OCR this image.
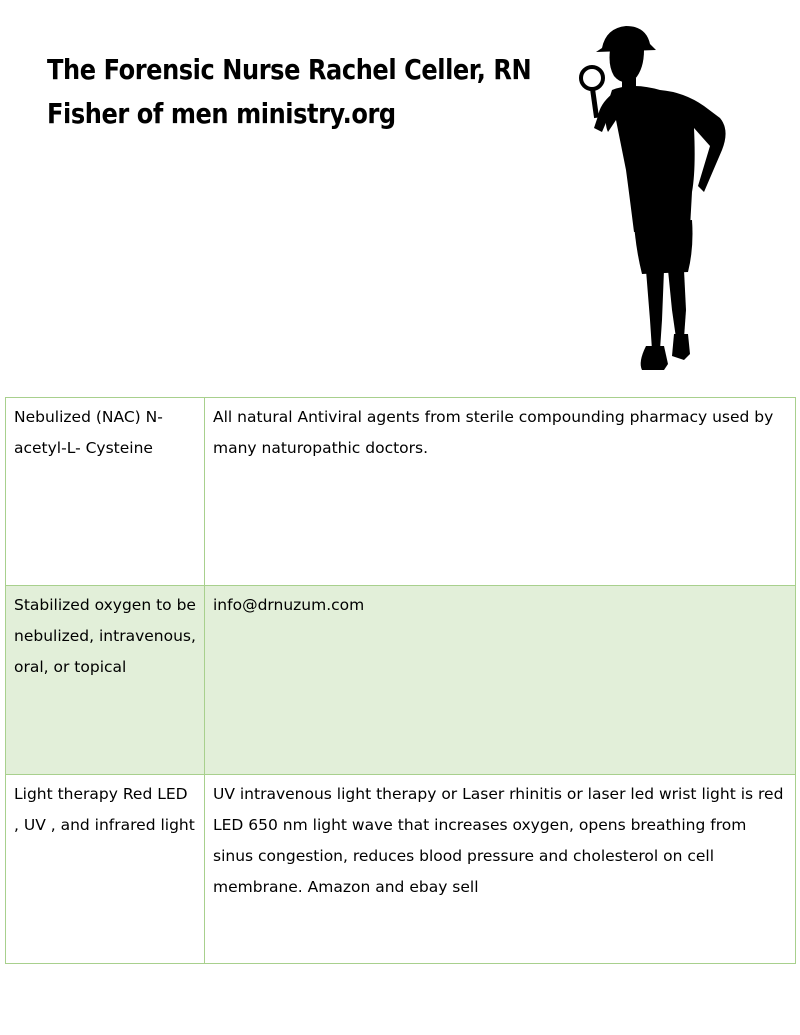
The Forensic Nurse Rachel Celler, RN
Fisher of men ministry.org
Nebulized (NAC) N-acetyl-L- Cysteine	All natural Antiviral agents from sterile compounding pharmacy used by many naturopathic doctors.
Stabilized oxygen to be nebulized, intravenous, oral, or topical	info@drnuzum.com
Light therapy Red LED , UV , and infrared light	UV intravenous light therapy or Laser rhinitis or laser led wrist light is red LED 650 nm light wave that increases oxygen, opens breathing from sinus congestion, reduces blood pressure and cholesterol on cell membrane. Amazon and ebay sell
